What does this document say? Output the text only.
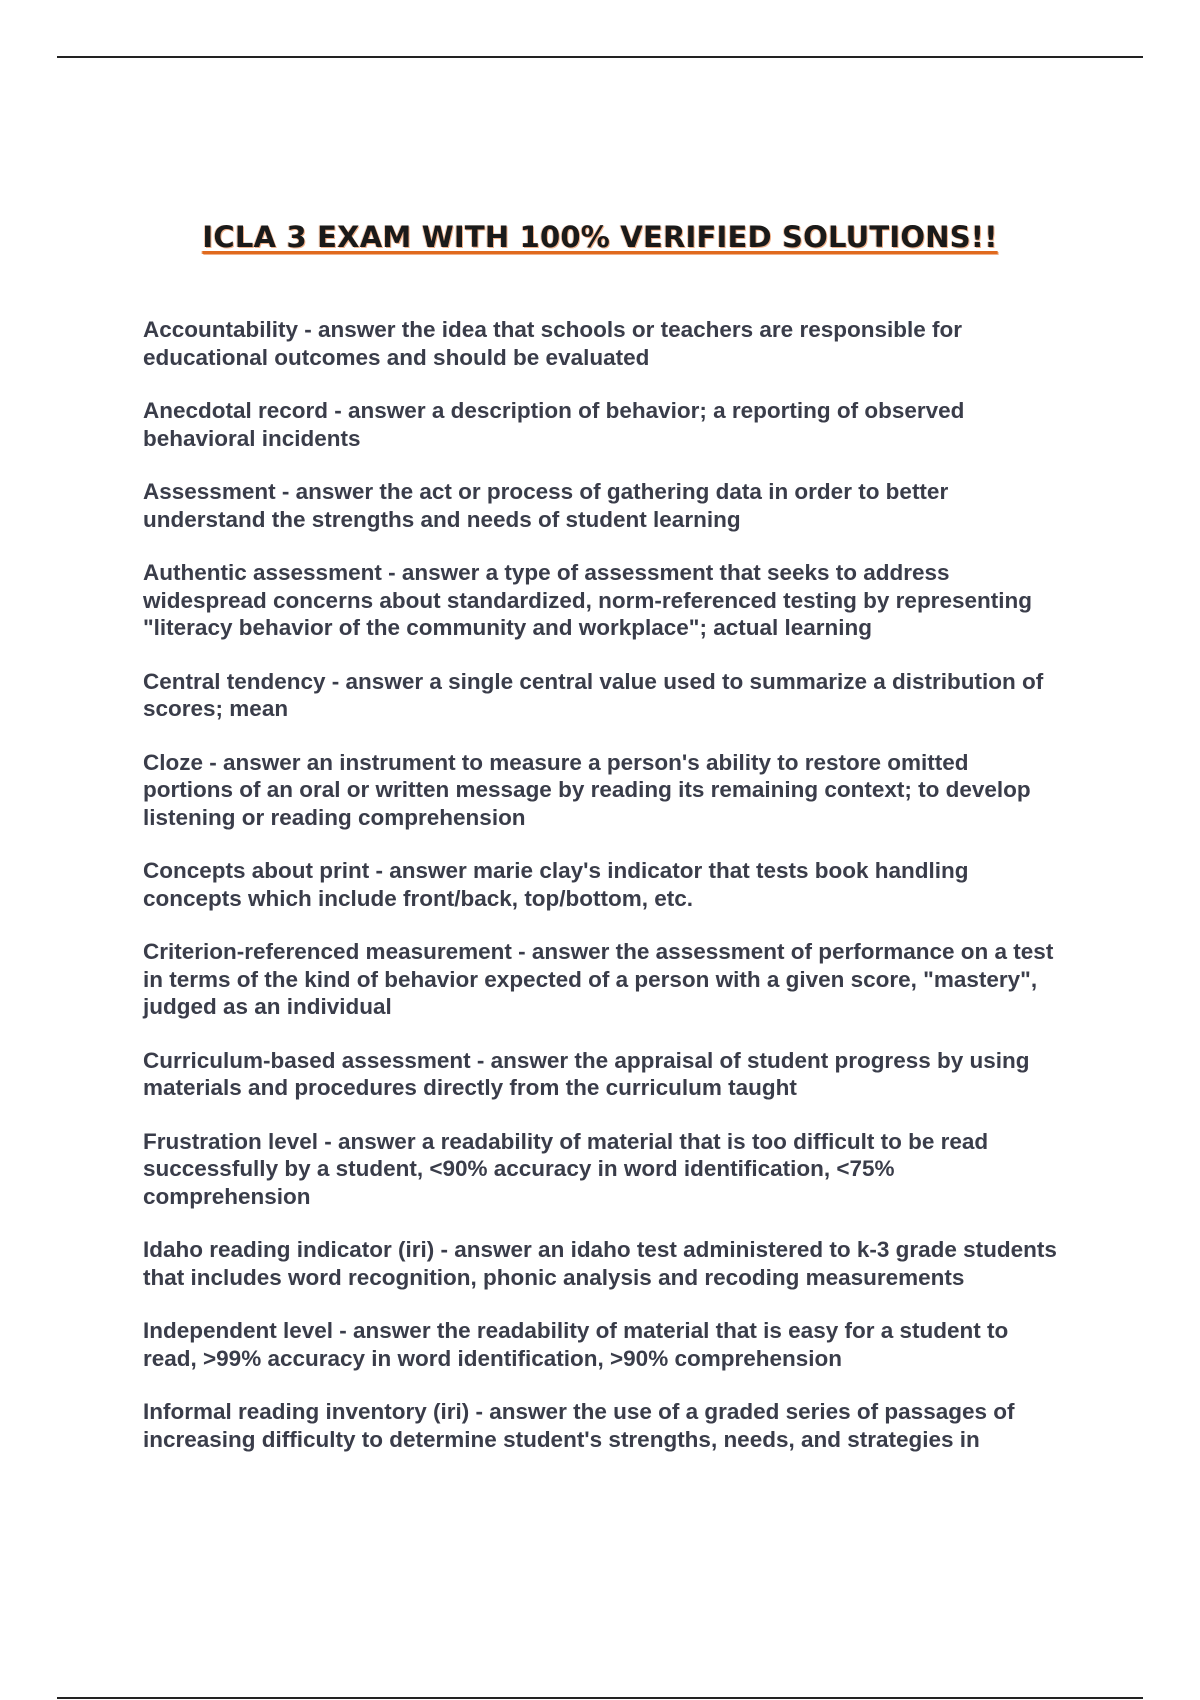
ICLA 3 EXAM WITH 100% VERIFIED SOLUTIONS!!

Accountability - answer the idea that schools or teachers are responsible for educational outcomes and should be evaluated

Anecdotal record - answer a description of behavior; a reporting of observed behavioral incidents

Assessment - answer the act or process of gathering data in order to better understand the strengths and needs of student learning

Authentic assessment - answer a type of assessment that seeks to address widespread concerns about standardized, norm-referenced testing by representing "literacy behavior of the community and workplace"; actual learning

Central tendency - answer a single central value used to summarize a distribution of scores; mean

Cloze - answer an instrument to measure a person's ability to restore omitted portions of an oral or written message by reading its remaining context; to develop listening or reading comprehension

Concepts about print - answer marie clay's indicator that tests book handling concepts which include front/back, top/bottom, etc.

Criterion-referenced measurement - answer the assessment of performance on a test in terms of the kind of behavior expected of a person with a given score, "mastery", judged as an individual

Curriculum-based assessment - answer the appraisal of student progress by using materials and procedures directly from the curriculum taught

Frustration level - answer a readability of material that is too difficult to be read successfully by a student, <90% accuracy in word identification, <75% comprehension

Idaho reading indicator (iri) - answer an idaho test administered to k-3 grade students that includes word recognition, phonic analysis and recoding measurements

Independent level - answer the readability of material that is easy for a student to read, >99% accuracy in word identification, >90% comprehension

Informal reading inventory (iri) - answer the use of a graded series of passages of increasing difficulty to determine student's strengths, needs, and strategies in
